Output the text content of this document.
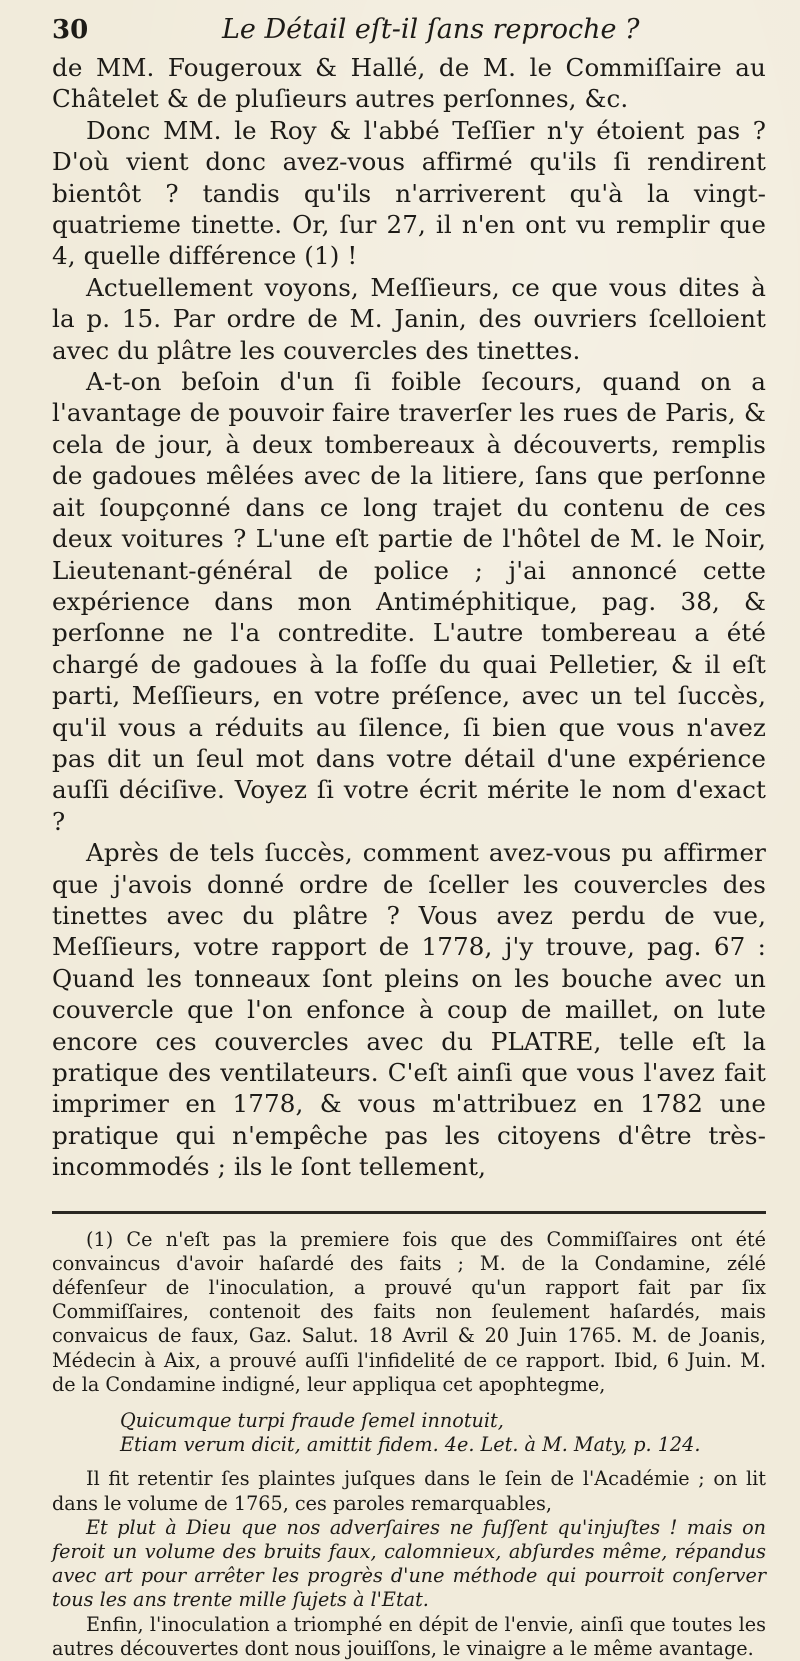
30	Le Détail eſt-il ſans reproche ?

de MM. Fougeroux & Hallé, de M. le Commiſſaire au Châtelet & de pluſieurs autres perſonnes, &c.

Donc MM. le Roy & l'abbé Teſſier n'y étoient pas ? D'où vient donc avez-vous affirmé qu'ils ſi rendirent bientôt ? tandis qu'ils n'arriverent qu'à la vingt-quatrieme tinette. Or, ſur 27, il n'en ont vu remplir que 4, quelle différence (1) !

Actuellement voyons, Meſſieurs, ce que vous dites à la p. 15. Par ordre de M. Janin, des ouvriers ſcelloient avec du plâtre les couvercles des tinettes.

A-t-on beſoin d'un ſi foible ſecours, quand on a l'avantage de pouvoir faire traverſer les rues de Paris, & cela de jour, à deux tombereaux à découverts, remplis de gadoues mêlées avec de la litiere, ſans que perſonne ait ſoupçonné dans ce long trajet du contenu de ces deux voitures ? L'une eſt partie de l'hôtel de M. le Noir, Lieutenant-général de police ; j'ai annoncé cette expérience dans mon Antiméphitique, pag. 38, & perſonne ne l'a contredite. L'autre tombereau a été chargé de gadoues à la foſſe du quai Pelletier, & il eſt parti, Meſſieurs, en votre préſence, avec un tel ſuccès, qu'il vous a réduits au ſilence, ſi bien que vous n'avez pas dit un ſeul mot dans votre détail d'une expérience auſſi déciſive. Voyez ſi votre écrit mérite le nom d'exact ?

Après de tels ſuccès, comment avez-vous pu affirmer que j'avois donné ordre de ſceller les couvercles des tinettes avec du plâtre ? Vous avez perdu de vue, Meſſieurs, votre rapport de 1778, j'y trouve, pag. 67 : Quand les tonneaux ſont pleins on les bouche avec un couvercle que l'on enfonce à coup de maillet, on lute encore ces couvercles avec du PLATRE, telle eſt la pratique des ventilateurs. C'eſt ainſi que vous l'avez fait imprimer en 1778, & vous m'attribuez en 1782 une pratique qui n'empêche pas les citoyens d'être très-incommodés ; ils le ſont tellement,

(1) Ce n'eſt pas la premiere fois que des Commiſſaires ont été convaincus d'avoir haſardé des faits ; M. de la Condamine, zélé défenſeur de l'inoculation, a prouvé qu'un rapport fait par ſix Commiſſaires, contenoit des faits non ſeulement haſardés, mais convaicus de faux, Gaz. Salut. 18 Avril & 20 Juin 1765. M. de Joanis, Médecin à Aix, a prouvé auſſi l'infidelité de ce rapport. Ibid, 6 Juin. M. de la Condamine indigné, leur appliqua cet apophtegme,

Quicumque turpi fraude ſemel innotuit,

Etiam verum dicit, amittit fidem. 4e. Let. à M. Maty, p. 124.

Il fit retentir ſes plaintes juſques dans le ſein de l'Académie ; on lit dans le volume de 1765, ces paroles remarquables,

Et plut à Dieu que nos adverſaires ne fuſſent qu'injuſtes ! mais on feroit un volume des bruits faux, calomnieux, abſurdes même, répandus avec art pour arrêter les progrès d'une méthode qui pourroit conſerver tous les ans trente mille ſujets à l'Etat.

Enfin, l'inoculation a triomphé en dépit de l'envie, ainſi que toutes les autres découvertes dont nous jouiſſons, le vinaigre a le même avantage.
